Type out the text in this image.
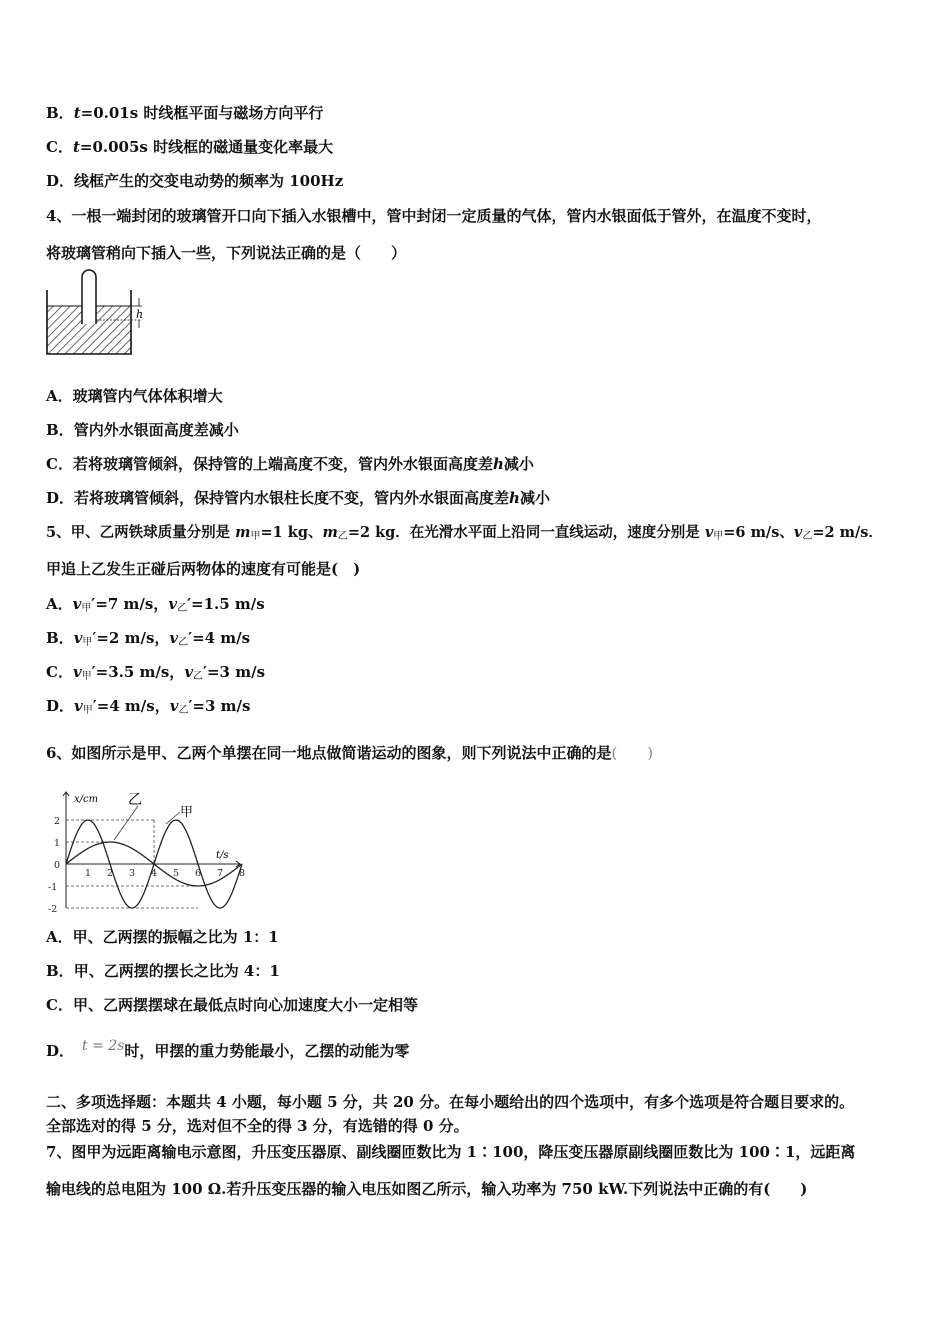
B．t=0.01s 时线框平面与磁场方向平行
C．t=0.005s 时线框的磁通量变化率最大
D．线框产生的交变电动势的频率为 100Hz
4、一根一端封闭的玻璃管开口向下插入水银槽中，管中封闭一定质量的气体，管内水银面低于管外，在温度不变时，
将玻璃管稍向下插入一些，下列说法正确的是（　　）
h
A．玻璃管内气体体积增大
B．管内外水银面高度差减小
C．若将玻璃管倾斜，保持管的上端高度不变，管内外水银面高度差h减小
D．若将玻璃管倾斜，保持管内水银柱长度不变，管内外水银面高度差h减小
5、甲、乙两铁球质量分别是 $m_甲=1$ kg、$m_乙=2$ kg．在光滑水平面上沿同一直线运动，速度分别是 $v_甲=6$ m/s、$v_乙=2$ m/s．
甲追上乙发生正碰后两物体的速度有可能是(　)
A．$v_甲'=7$ m/s，$v_乙'=1.5$ m/s
B．$v_甲'=2$ m/s，$v_乙'=4$ m/s
C．$v_甲'=3.5$ m/s，$v_乙'=3$ m/s
D．$v_甲'=4$ m/s，$v_乙'=3$ m/s
6、如图所示是甲、乙两个单摆在同一地点做简谐运动的图象，则下列说法中正确的是(　　)
x/cm
t/s
乙
甲
2
1
0
-1
-2
1 2 3 4 5 6 7 8
A．甲、乙两摆的振幅之比为 1：1
B．甲、乙两摆的摆长之比为 4：1
C．甲、乙两摆摆球在最低点时向心加速度大小一定相等
D． t = 2s时，甲摆的重力势能最小，乙摆的动能为零
二、多项选择题：本题共 4 小题，每小题 5 分，共 20 分。在每小题给出的四个选项中，有多个选项是符合题目要求的。
全部选对的得 5 分，选对但不全的得 3 分，有选错的得 0 分。
7、图甲为远距离输电示意图，升压变压器原、副线圈匝数比为 1∶100，降压变压器原副线圈匝数比为 100∶1，远距离
输电线的总电阻为 100 Ω.若升压变压器的输入电压如图乙所示，输入功率为 750 kW.下列说法中正确的有(　　)
